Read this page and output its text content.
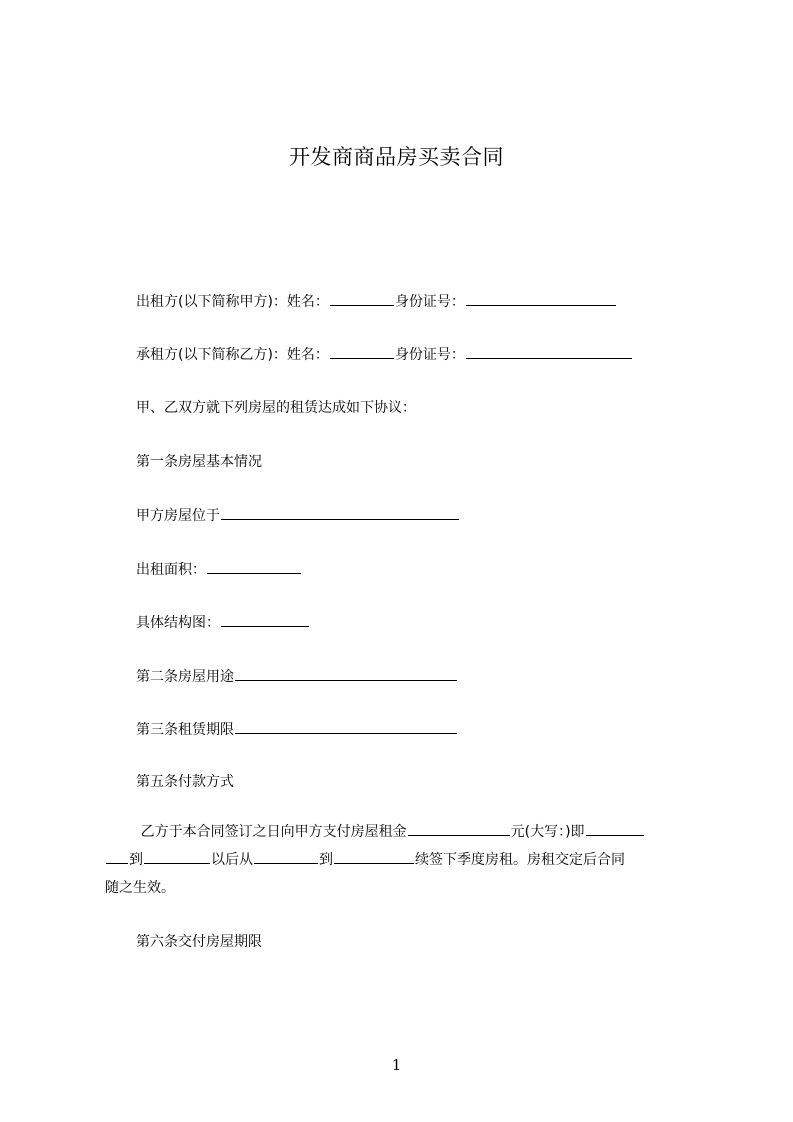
开发商商品房买卖合同
出租方(以下简称甲方)：姓名：	身份证号：
承租方(以下简称乙方)：姓名：	身份证号：
甲、乙双方就下列房屋的租赁达成如下协议：
第一条房屋基本情况
甲方房屋位于
出租面积：
具体结构图：
第二条房屋用途
第三条租赁期限
第五条付款方式
乙方于本合同签订之日向甲方支付房屋租金	元(大写：)即
到	以后从	到	续签下季度房租。房租交定后合同
随之生效。
第六条交付房屋期限
1
